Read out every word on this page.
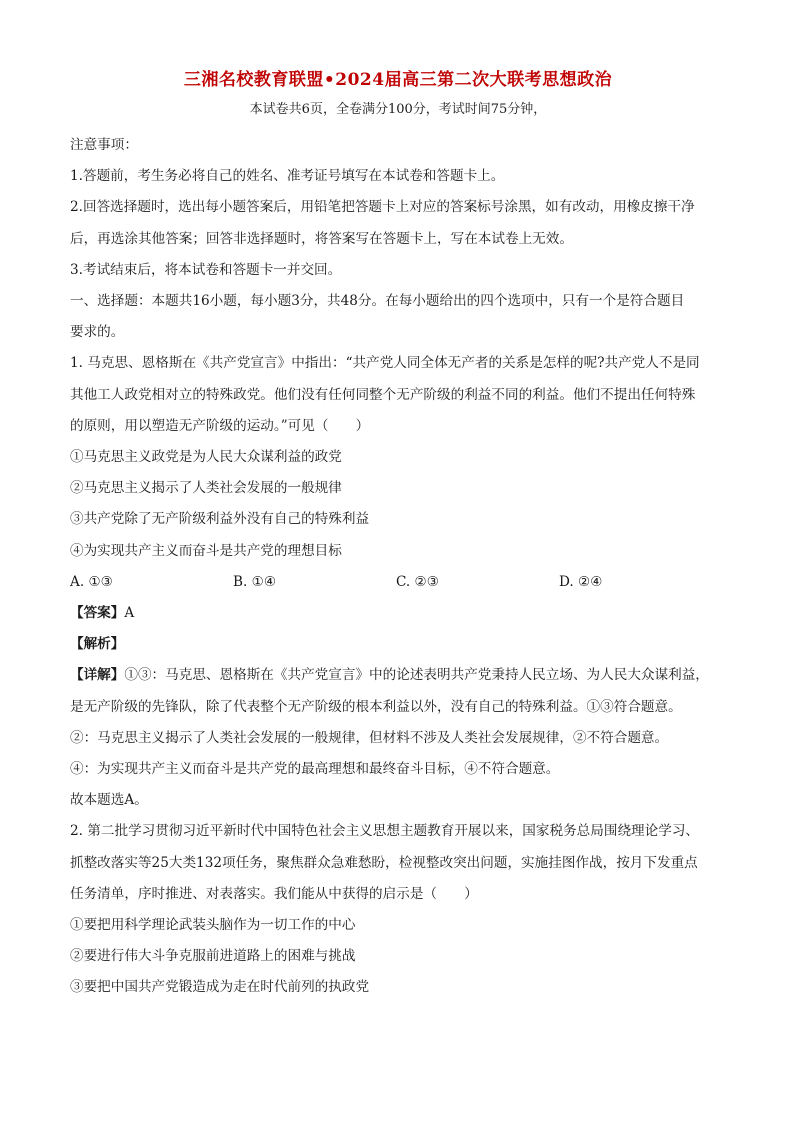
三湘名校教育联盟•2024届高三第二次大联考思想政治
本试卷共6页，全卷满分100分，考试时间75分钟，

注意事项：

1.答题前，考生务必将自己的姓名、准考证号填写在本试卷和答题卡上。

2.回答选择题时，选出每小题答案后，用铅笔把答题卡上对应的答案标号涂黑，如有改动，用橡皮擦干净

后，再选涂其他答案；回答非选择题时，将答案写在答题卡上，写在本试卷上无效。

3.考试结束后，将本试卷和答题卡一并交回。

一、选择题：本题共16小题，每小题3分，共48分。在每小题给出的四个选项中，只有一个是符合题目

要求的。

1. 马克思、恩格斯在《共产党宣言》中指出：“共产党人同全体无产者的关系是怎样的呢?共产党人不是同

其他工人政党相对立的特殊政党。他们没有任何同整个无产阶级的利益不同的利益。他们不提出任何特殊

的原则，用以塑造无产阶级的运动。”可见（　　）

①马克思主义政党是为人民大众谋利益的政党

②马克思主义揭示了人类社会发展的一般规律

③共产党除了无产阶级利益外没有自己的特殊利益

④为实现共产主义而奋斗是共产党的理想目标

A. ①③	B. ①④	C. ②③	D. ②④

【答案】A

【解析】

【详解】①③：马克思、恩格斯在《共产党宣言》中的论述表明共产党秉持人民立场、为人民大众谋利益，

是无产阶级的先锋队，除了代表整个无产阶级的根本利益以外，没有自己的特殊利益。①③符合题意。

②：马克思主义揭示了人类社会发展的一般规律，但材料不涉及人类社会发展规律，②不符合题意。

④：为实现共产主义而奋斗是共产党的最高理想和最终奋斗目标，④不符合题意。

故本题选A。

2. 第二批学习贯彻习近平新时代中国特色社会主义思想主题教育开展以来，国家税务总局围绕理论学习、

抓整改落实等25大类132项任务，聚焦群众急难愁盼，检视整改突出问题，实施挂图作战，按月下发重点

任务清单，序时推进、对表落实。我们能从中获得的启示是（　　）

①要把用科学理论武装头脑作为一切工作的中心

②要进行伟大斗争克服前进道路上的困难与挑战

③要把中国共产党锻造成为走在时代前列的执政党
